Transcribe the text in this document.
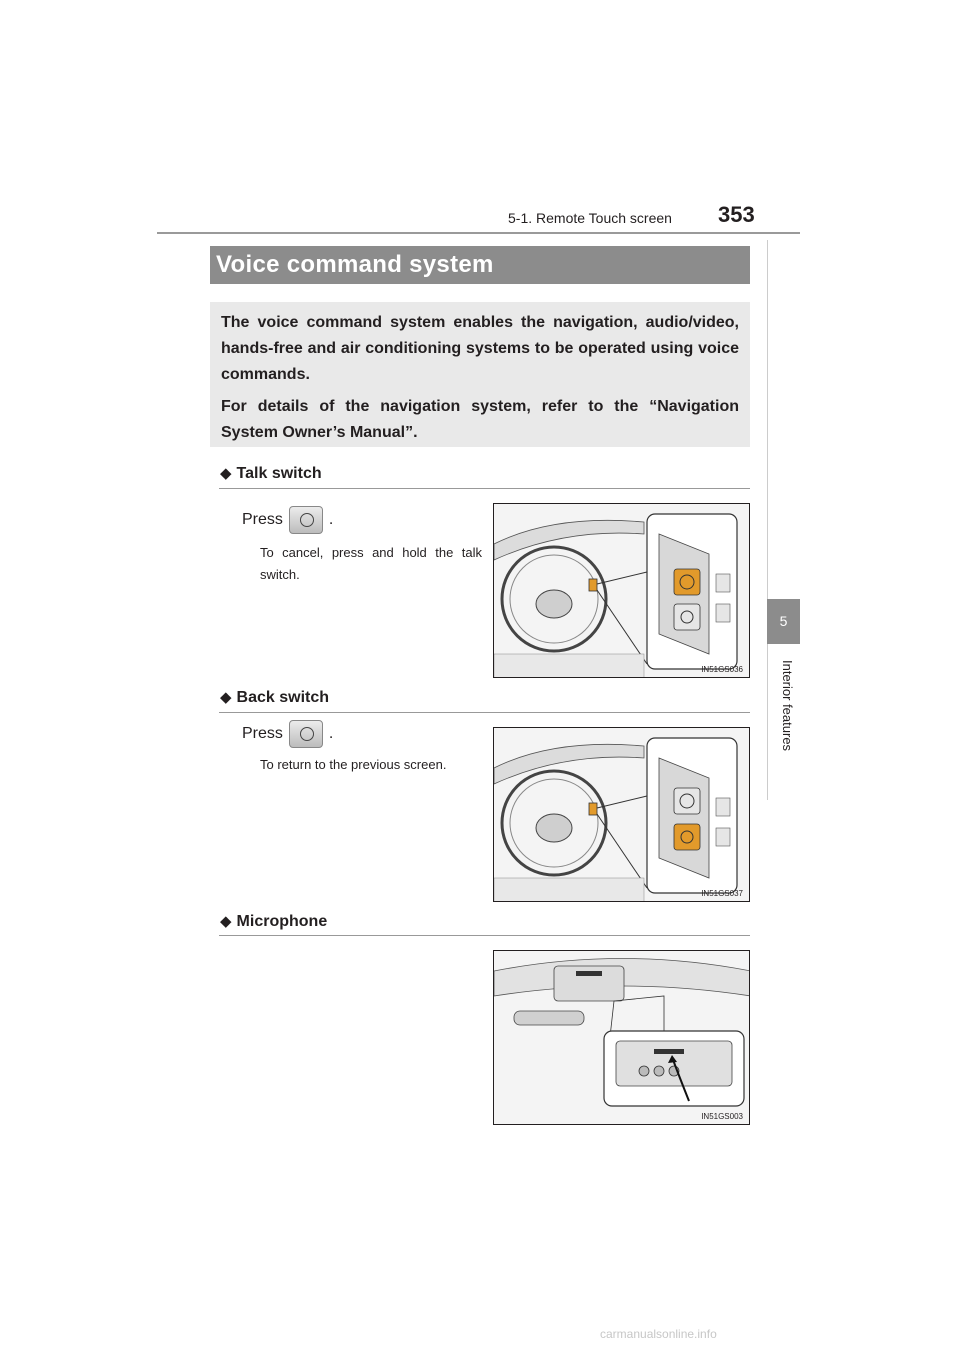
5-1. Remote Touch screen 353
5
Interior features
Voice command system

The voice command system enables the navigation, audio/video, hands-free and air conditioning systems to be operated using voice commands.

For details of the navigation system, refer to the “Navigation System Owner’s Manual”.

◆ Talk switch
Press	.
To cancel, press and hold the talk switch.
IN51GS036
◆ Back switch
Press	.
To return to the previous screen.
IN51GS037
◆ Microphone
IN51GS003
carmanualsonline.info
